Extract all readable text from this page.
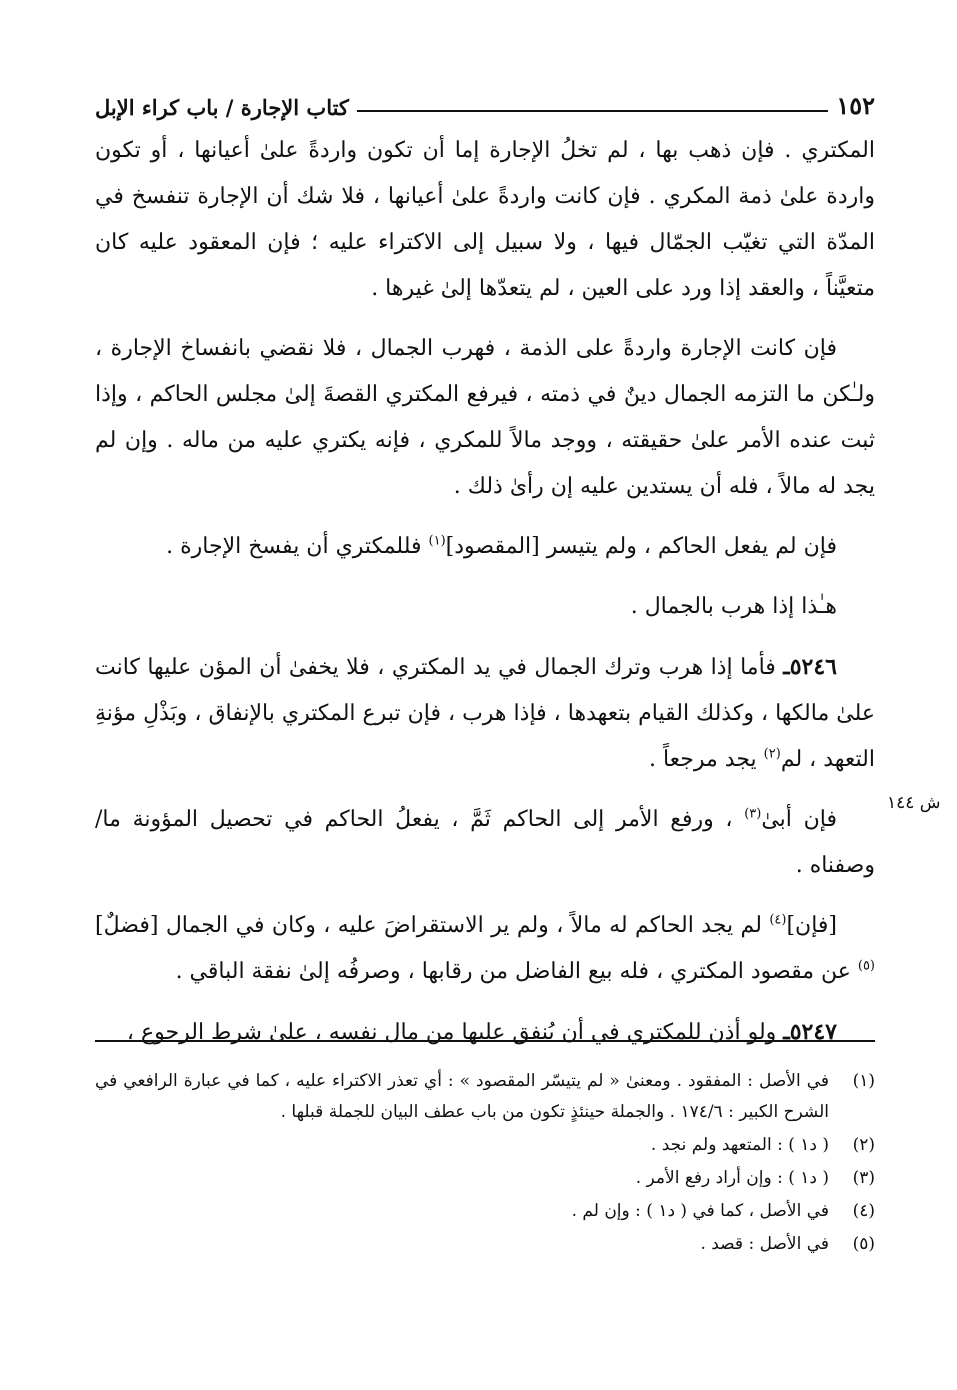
١٥٢
كتاب الإجارة / باب كراء الإبل

المكتري . فإن ذهب بها ، لم تخلُ الإجارة إما أن تكون واردةً علىٰ أعيانها ، أو تكون واردة علىٰ ذمة المكري . فإن كانت واردةً علىٰ أعيانها ، فلا شك أن الإجارة تنفسخ في المدّة التي تغيّب الجمّال فيها ، ولا سبيل إلى الاكتراء عليه ؛ فإن المعقود عليه كان متعيَّناً ، والعقد إذا ورد على العين ، لم يتعدّها إلىٰ غيرها .

فإن كانت الإجارة واردةً على الذمة ، فهرب الجمال ، فلا نقضي بانفساخ الإجارة ، ولـٰكن ما التزمه الجمال دينٌ في ذمته ، فيرفع المكتري القصةَ إلىٰ مجلس الحاكم ، وإذا ثبت عنده الأمر علىٰ حقيقته ، ووجد مالاً للمكري ، فإنه يكتري عليه من ماله . وإن لم يجد له مالاً ، فله أن يستدين عليه إن رأىٰ ذلك .

فإن لم يفعل الحاكم ، ولم يتيسر [المقصود]$^{(١)}$ فللمكتري أن يفسخ الإجارة .

هـٰذا إذا هرب بالجمال .

٥٢٤٦ـ فأما إذا هرب وترك الجمال في يد المكتري ، فلا يخفىٰ أن المؤن عليها كانت علىٰ مالكها ، وكذلك القيام بتعهدها ، فإذا هرب ، فإن تبرع المكتري بالإنفاق ، وبَذْلِ مؤنةِ التعهد ، لم$^{(٢)}$ يجد مرجعاً .

فإن أبىٰ$^{(٣)}$ ، ورفع الأمر إلى الحاكم ثَمَّ ، يفعلُ الحاكم في تحصيل المؤونة ما/ وصفناه .

[فإن]$^{(٤)}$ لم يجد الحاكم له مالاً ، ولم ير الاستقراضَ عليه ، وكان في الجمال [فضلٌ]$^{(٥)}$ عن مقصود المكتري ، فله بيع الفاضل من رقابها ، وصرفُه إلىٰ نفقة الباقي .

٥٢٤٧ـ ولو أذن للمكتري في أن يُنفق عليها من مال نفسه ، علىٰ شرط الرجوع ،

ش ١٤٤
(١)
في الأصل : المفقود . ومعنىٰ « لم يتيسّر المقصود » : أي تعذر الاكتراء عليه ، كما في عبارة الرافعي في الشرح الكبير : ١٧٤/٦ . والجملة حينئذٍ تكون من باب عطف البيان للجملة قبلها .
(٢)
( د١ ) : المتعهد ولم نجد .
(٣)
( د١ ) : وإن أراد رفع الأمر .
(٤)
في الأصل ، كما في ( د١ ) : وإن لم .
(٥)
في الأصل : قصد .
